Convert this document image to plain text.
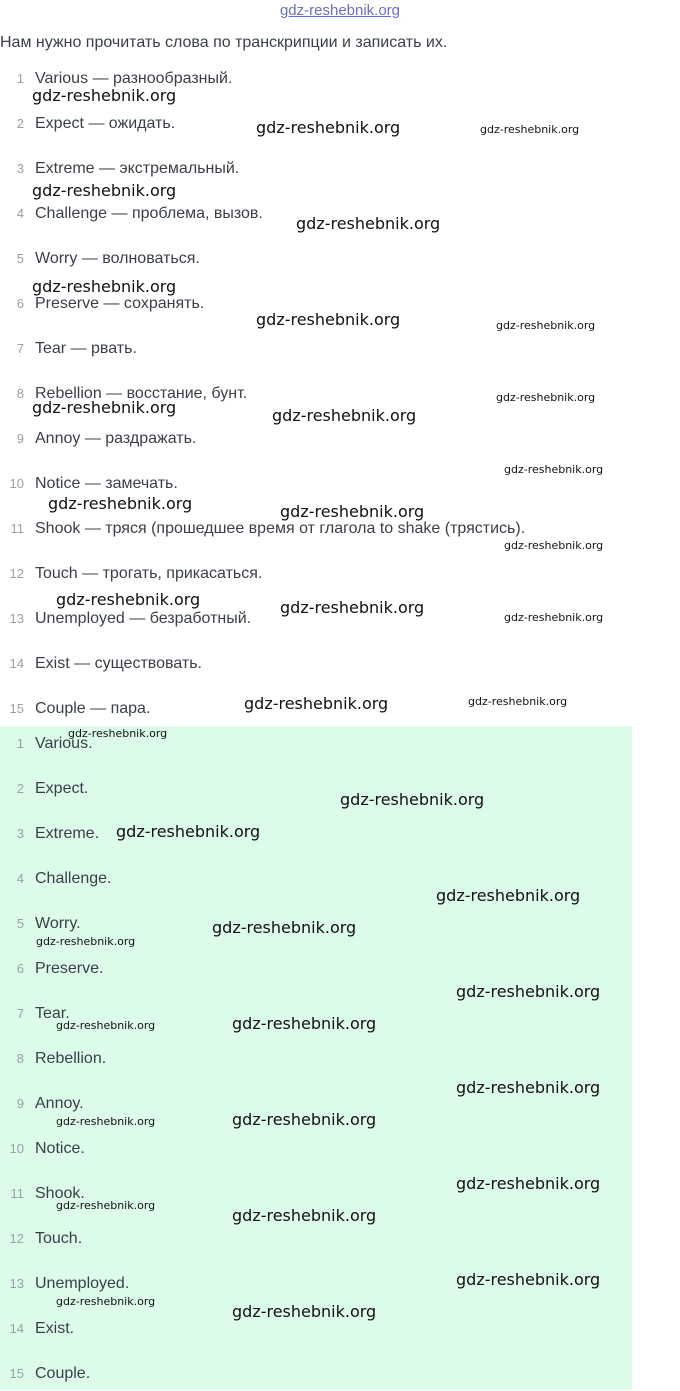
gdz-reshebnik.org
Нам нужно прочитать слова по транскрипции и записать их.
1 Various — разнообразный.
2 Expect — ожидать.
3 Extreme — экстремальный.
4 Challenge — проблема, вызов.
5 Worry — волноваться.
6 Preserve — сохранять.
7 Tear — рвать.
8 Rebellion — восстание, бунт.
9 Annoy — раздражать.
10 Notice — замечать.
11 Shook — тряся (прошедшее время от глагола to shake (трястись).
12 Touch — трогать, прикасаться.
13 Unemployed — безработный.
14 Exist — существовать.
15 Couple — пара.
1 Various.
2 Expect.
3 Extreme.
4 Challenge.
5 Worry.
6 Preserve.
7 Tear.
8 Rebellion.
9 Annoy.
10 Notice.
11 Shook.
12 Touch.
13 Unemployed.
14 Exist.
15 Couple.
gdz-reshebnik.org
gdz-reshebnik.org	gdz-reshebnik.org
gdz-reshebnik.org
gdz-reshebnik.org
gdz-reshebnik.org
gdz-reshebnik.org	gdz-reshebnik.org
gdz-reshebnik.org	gdz-reshebnik.org
gdz-reshebnik.org
gdz-reshebnik.org
gdz-reshebnik.org	gdz-reshebnik.org
gdz-reshebnik.org
gdz-reshebnik.org	gdz-reshebnik.org
gdz-reshebnik.org
gdz-reshebnik.org	gdz-reshebnik.org
gdz-reshebnik.org
gdz-reshebnik.org
gdz-reshebnik.org
gdz-reshebnik.org
gdz-reshebnik.org
gdz-reshebnik.org
gdz-reshebnik.org
gdz-reshebnik.org
gdz-reshebnik.org
gdz-reshebnik.org
gdz-reshebnik.org
gdz-reshebnik.org
gdz-reshebnik.org
gdz-reshebnik.org
gdz-reshebnik.org
gdz-reshebnik.org
gdz-reshebnik.org
gdz-reshebnik.org
